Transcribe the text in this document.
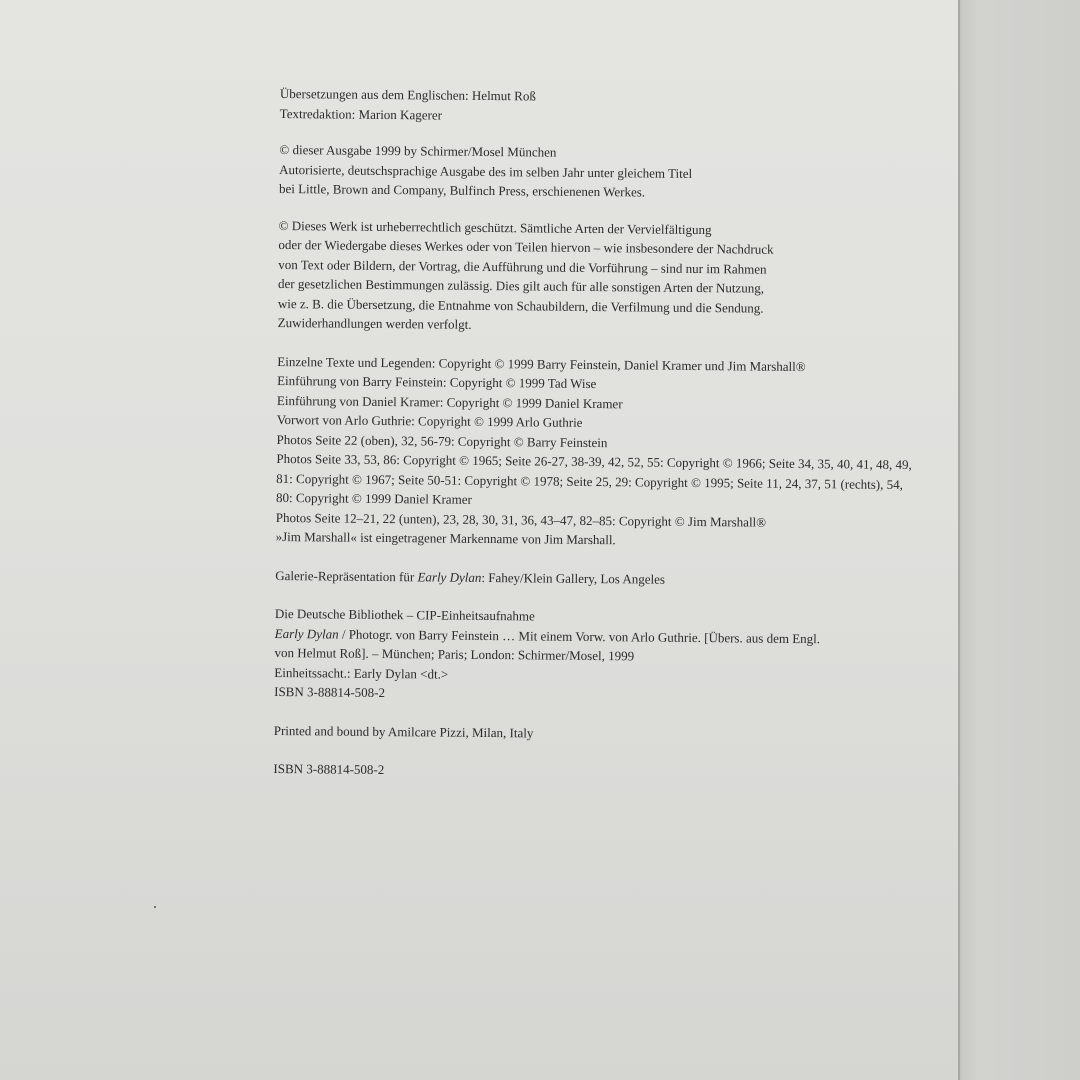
Übersetzungen aus dem Englischen: Helmut Roß
Textredaktion: Marion Kagerer
© dieser Ausgabe 1999 by Schirmer/Mosel München
Autorisierte, deutschsprachige Ausgabe des im selben Jahr unter gleichem Titel
bei Little, Brown and Company, Bulfinch Press, erschienenen Werkes.
© Dieses Werk ist urheberrechtlich geschützt. Sämtliche Arten der Vervielfältigung
oder der Wiedergabe dieses Werkes oder von Teilen hiervon – wie insbesondere der Nachdruck
von Text oder Bildern, der Vortrag, die Aufführung und die Vorführung – sind nur im Rahmen
der gesetzlichen Bestimmungen zulässig. Dies gilt auch für alle sonstigen Arten der Nutzung,
wie z. B. die Übersetzung, die Entnahme von Schaubildern, die Verfilmung und die Sendung.
Zuwiderhandlungen werden verfolgt.
Einzelne Texte und Legenden: Copyright © 1999 Barry Feinstein, Daniel Kramer und Jim Marshall®
Einführung von Barry Feinstein: Copyright © 1999 Tad Wise
Einführung von Daniel Kramer: Copyright © 1999 Daniel Kramer
Vorwort von Arlo Guthrie: Copyright © 1999 Arlo Guthrie
Photos Seite 22 (oben), 32, 56-79: Copyright © Barry Feinstein
Photos Seite 33, 53, 86: Copyright © 1965; Seite 26-27, 38-39, 42, 52, 55: Copyright © 1966; Seite 34, 35, 40, 41, 48, 49,
81: Copyright © 1967; Seite 50-51: Copyright © 1978; Seite 25, 29: Copyright © 1995; Seite 11, 24, 37, 51 (rechts), 54,
80: Copyright © 1999 Daniel Kramer
Photos Seite 12–21, 22 (unten), 23, 28, 30, 31, 36, 43–47, 82–85: Copyright © Jim Marshall®
»Jim Marshall« ist eingetragener Markenname von Jim Marshall.
Galerie-Repräsentation für Early Dylan: Fahey/Klein Gallery, Los Angeles
Die Deutsche Bibliothek – CIP-Einheitsaufnahme
Early Dylan / Photogr. von Barry Feinstein … Mit einem Vorw. von Arlo Guthrie. [Übers. aus dem Engl.
von Helmut Roß]. – München; Paris; London: Schirmer/Mosel, 1999
Einheitssacht.: Early Dylan <dt.>
ISBN 3-88814-508-2
Printed and bound by Amilcare Pizzi, Milan, Italy
ISBN 3-88814-508-2
